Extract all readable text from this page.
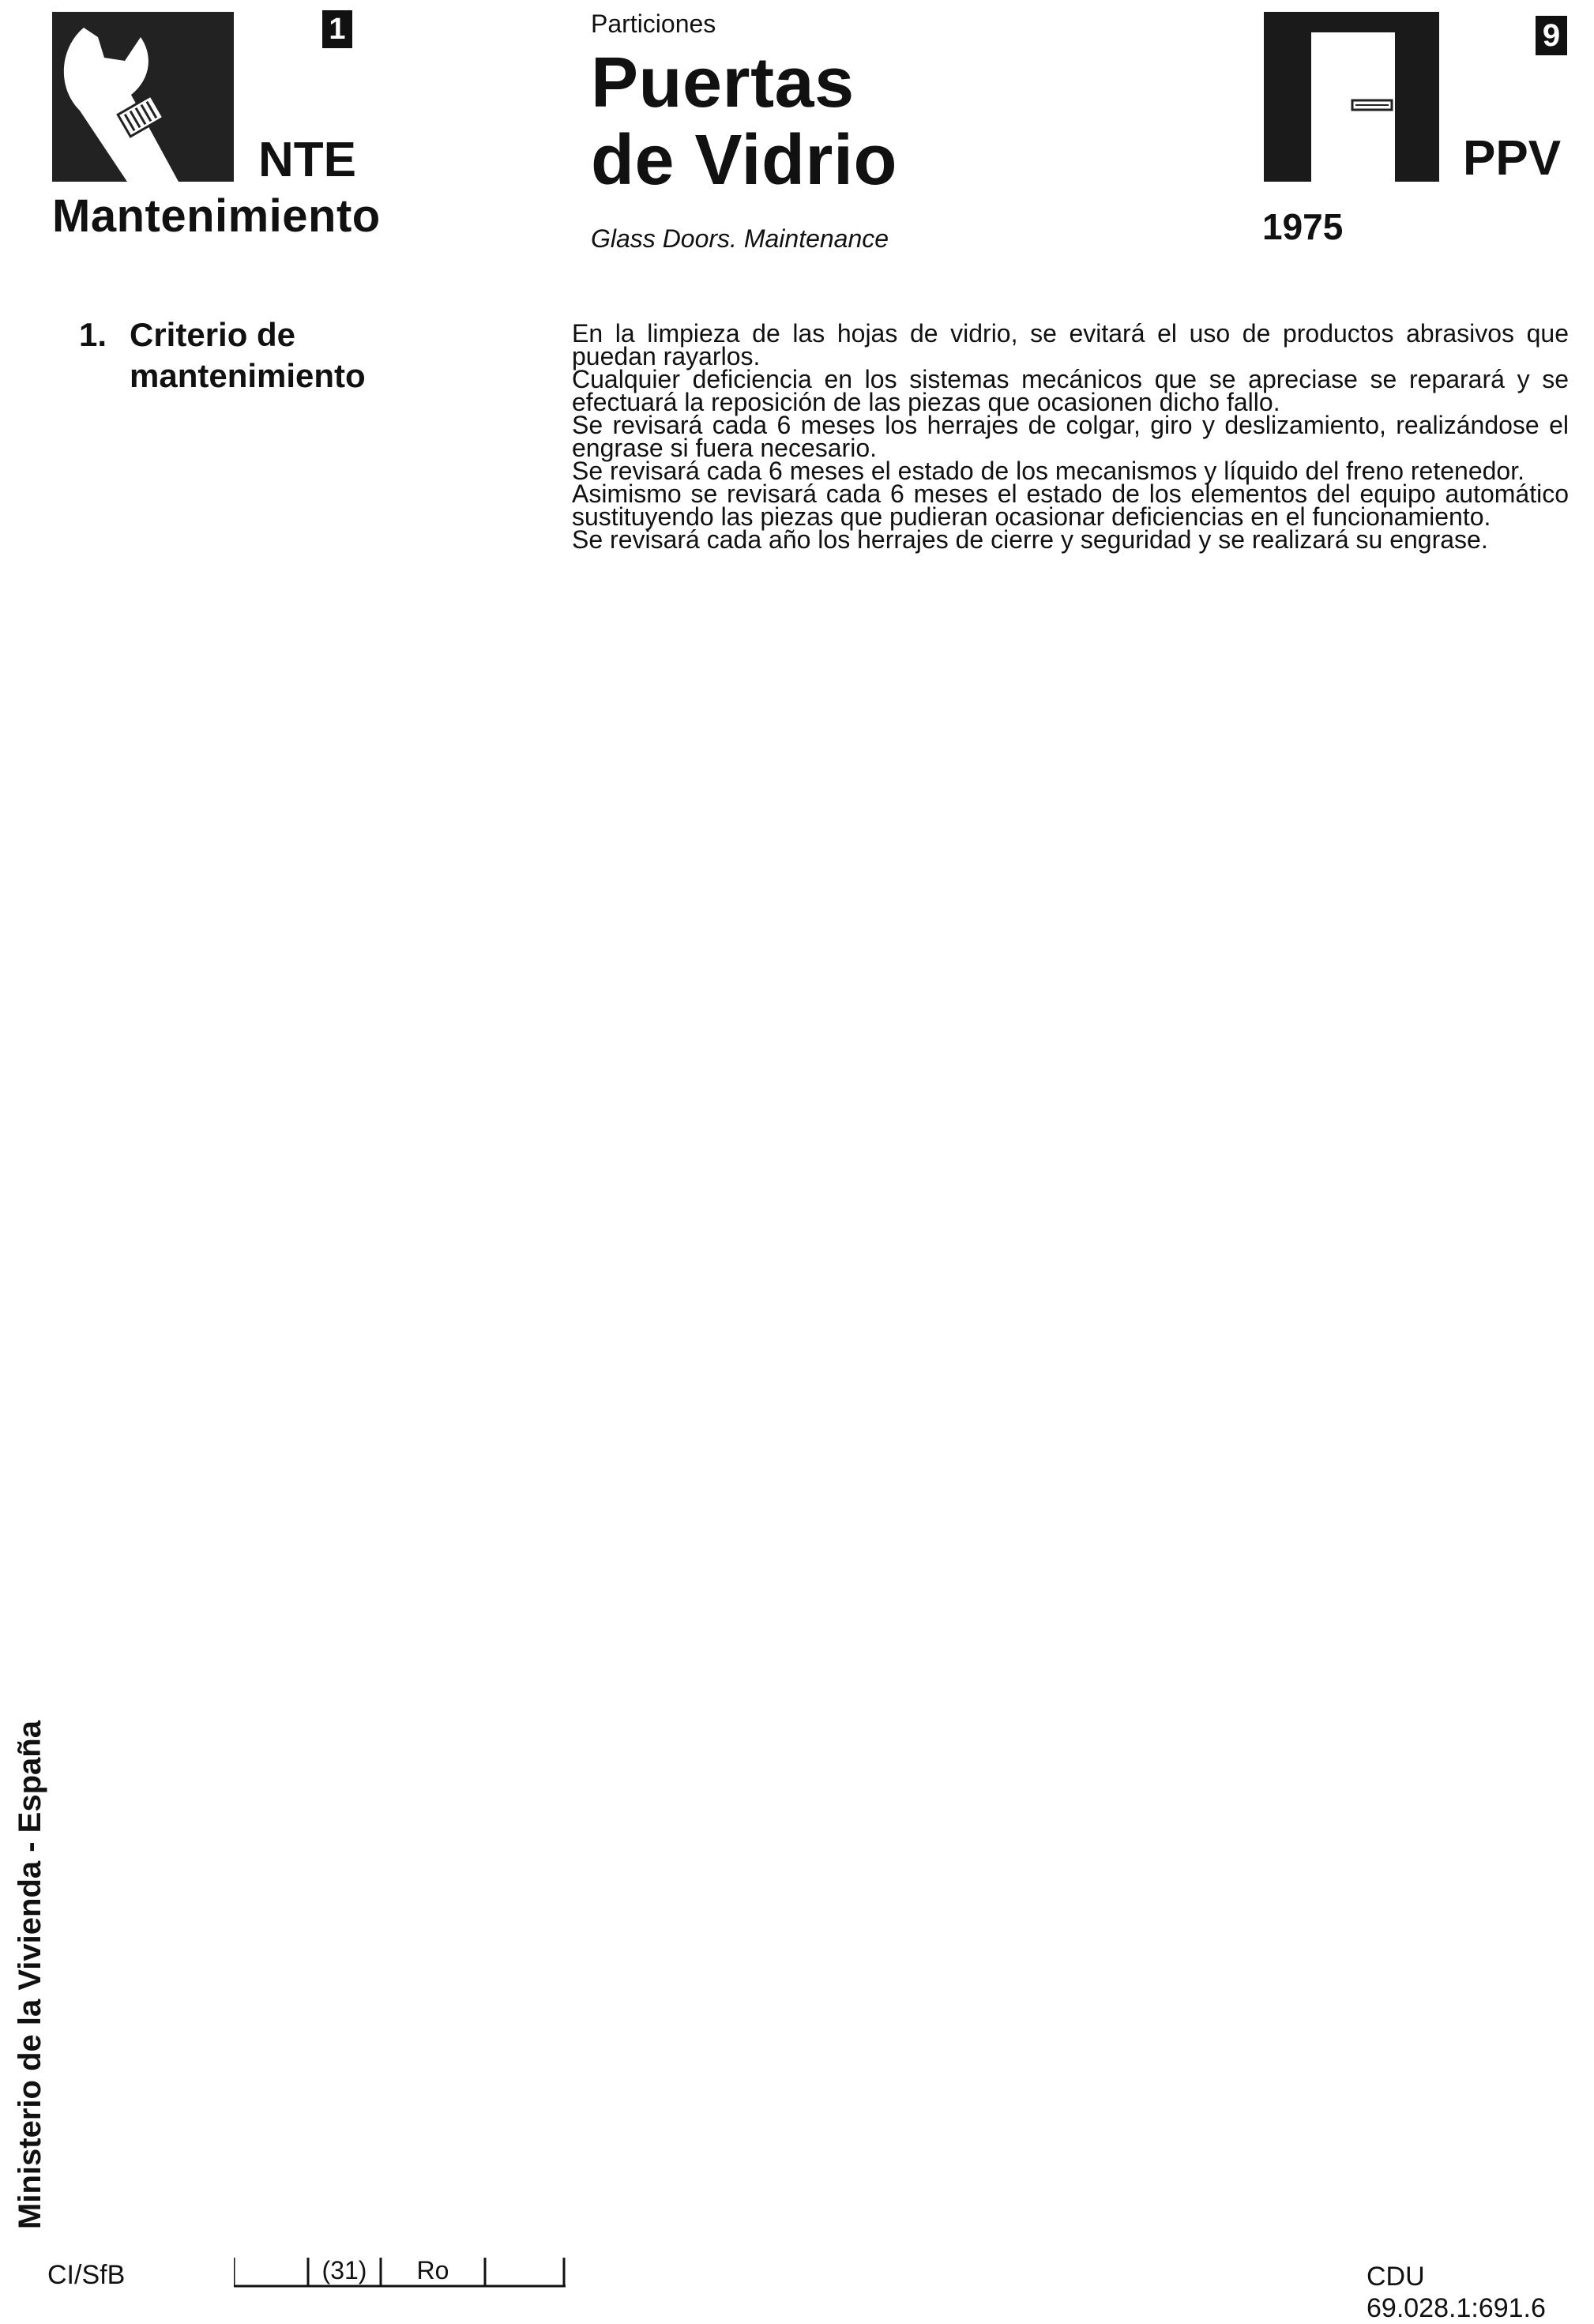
1
NTE
Mantenimiento
Particiones
Puertas
de Vidrio
Glass Doors. Maintenance
9
PPV
1975
1. Criterio de mantenimiento

En la limpieza de las hojas de vidrio, se evitará el uso de productos abrasivos que puedan rayarlos.

Cualquier deficiencia en los sistemas mecánicos que se apreciase se reparará y se efectuará la reposición de las piezas que ocasionen dicho fallo.

Se revisará cada 6 meses los herrajes de colgar, giro y deslizamiento, realizándose el engrase si fuera necesario.

Se revisará cada 6 meses el estado de los mecanismos y líquido del freno retenedor.

Asimismo se revisará cada 6 meses el estado de los elementos del equipo automático sustituyendo las piezas que pudieran ocasionar deficiencias en el funcionamiento.

Se revisará cada año los herrajes de cierre y seguridad y se realizará su engrase.

Ministerio de la Vivienda - España
CI/SfB	(31)	Ro	CDU 69.028.1:691.6
